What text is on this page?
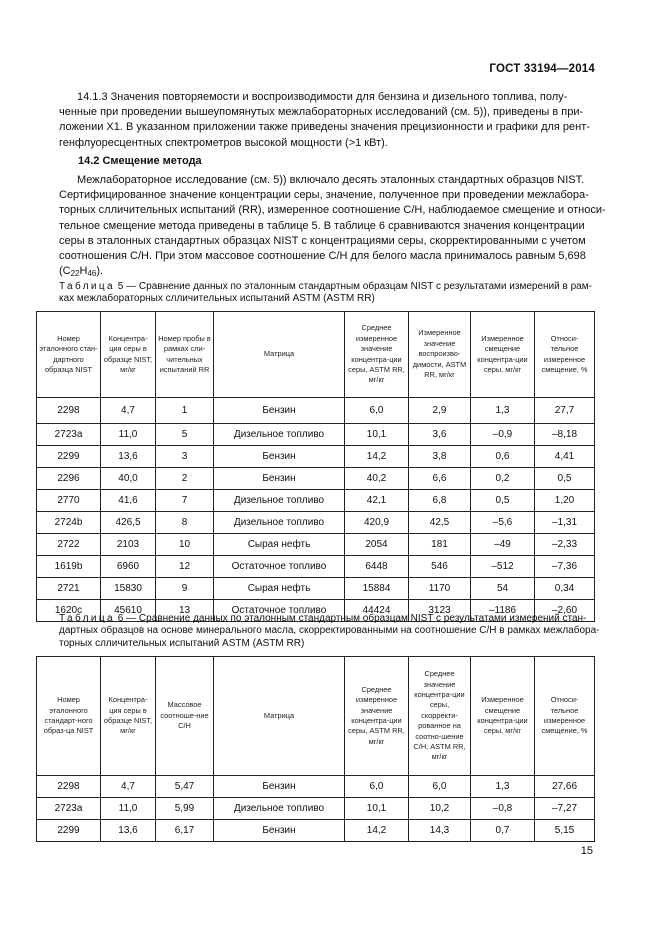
ГОСТ 33194—2014
14.1.3 Значения повторяемости и воспроизводимости для бензина и дизельного топлива, полу-
ченные при проведении вышеупомянутых межлабораторных исследований (см. 5)), приведены в при-
ложении Х1. В указанном приложении также приведены значения прецизионности и графики для рент-
генфлуоресцентных спектрометров высокой мощности (>1 кВт).
14.2 Смещение метода
Межлабораторное исследование (см. 5)) включало десять эталонных стандартных образцов NIST.
Сертифицированное значение концентрации серы, значение, полученное при проведении межлабора-
торных слличительных испытаний (RR), измеренное соотношение С/Н, наблюдаемое смещение и относи-
тельное смещение метода приведены в таблице 5. В таблице 6 сравниваются значения концентрации
серы в эталонных стандартных образцах NIST с концентрациями серы, скорректированными с учетом
соотношения С/Н. При этом массовое соотношение С/Н для белого масла принималось равным 5,698
$(C_{22}H_{46})$.
Таблица 5 — Сравнение данных по эталонным стандартным образцам NIST с результатами измерений в рам-
ках межлабораторных слличительных испытаний ASTM (ASTM RR)
Номер эталонного стан-дартного образца NIST	Концентра-ция серы в образце NIST, мг/кг	Номер пробы в рамках сли-чительных испытаний RR	Матрица	Среднее измеренное значение концентра-ции серы, ASTM RR, мг/кг	Измеренное значение воспроизво-димости, ASTM RR, мг/кг	Измеренное смещение концентра-ции серы, мг/кг	Относи-тельное измеренное смещение, %
2298	4,7	1	Бензин	6,0	2,9	1,3	27,7
2723a	11,0	5	Дизельное топливо	10,1	3,6	–0,9	–8,18
2299	13,6	3	Бензин	14,2	3,8	0,6	4,41
2296	40,0	2	Бензин	40,2	6,6	0,2	0,5
2770	41,6	7	Дизельное топливо	42,1	6,8	0,5	1,20
2724b	426,5	8	Дизельное топливо	420,9	42,5	–5,6	–1,31
2722	2103	10	Сырая нефть	2054	181	–49	–2,33
1619b	6960	12	Остаточное топливо	6448	546	–512	–7,36
2721	15830	9	Сырая нефть	15884	1170	54	0,34
1620c	45610	13	Остаточное топливо	44424	3123	–1186	–2,60
Таблица 6 — Сравнение данных по эталонным стандартным образцам NIST с результатами измерений стан-
дартных образцов на основе минерального масла, скорректированными на соотношение С/Н в рамках межлабора-
торных слличительных испытаний ASTM (ASTM RR)
Номер эталонного стандарт-ного образ-ца NIST	Концентра-ция серы в образце NIST, мг/кг	Массовое соотноше-ние С/Н	Матрица	Среднее измеренное значение концентра-ции серы, ASTM RR, мг/кг	Среднее значение концентра-ции серы, скорректи-рованное на соотно-шение С/Н, ASTM RR, мг/кг	Измеренное смещение концентра-ции серы, мг/кг	Относи-тельное измеренное смещение, %
2298	4,7	5,47	Бензин	6,0	6,0	1,3	27,66
2723a	11,0	5,99	Дизельное топливо	10,1	10,2	–0,8	–7,27
2299	13,6	6,17	Бензин	14,2	14,3	0,7	5,15
15
